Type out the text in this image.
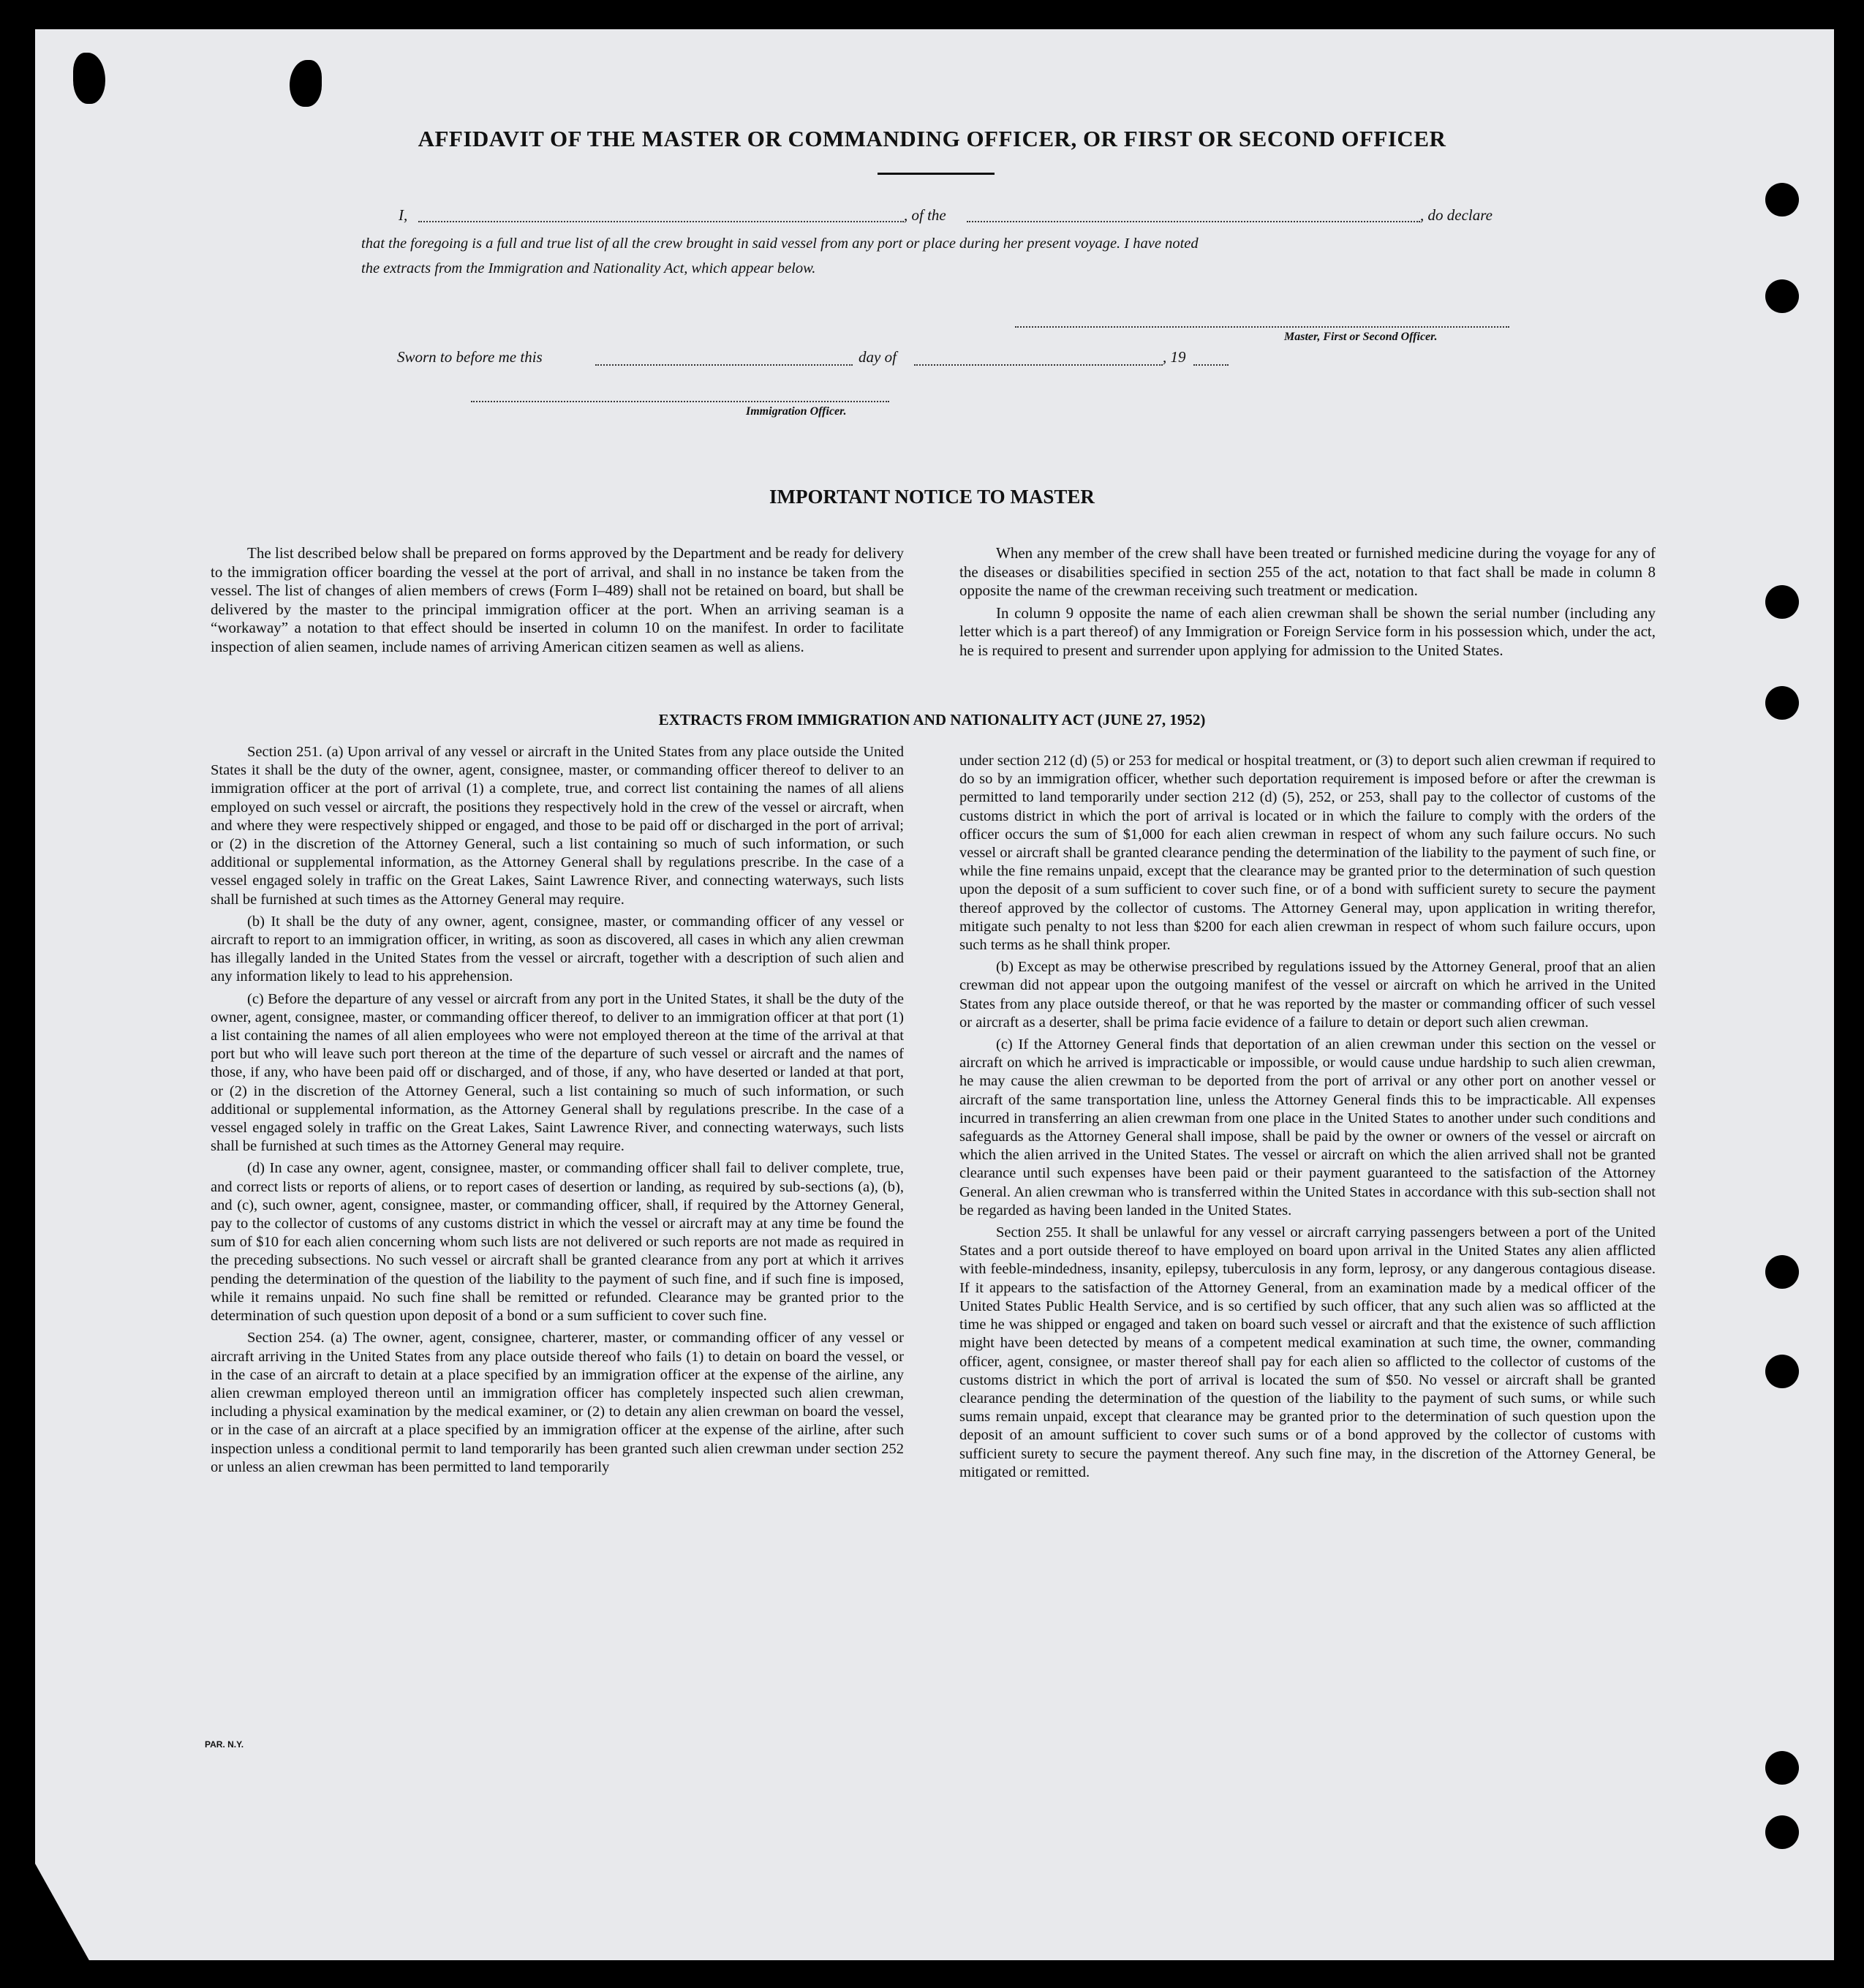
AFFIDAVIT OF THE MASTER OR COMMANDING OFFICER, OR FIRST OR SECOND OFFICER
I,	, of the	, do declare
that the foregoing is a full and true list of all the crew brought in said vessel from any port or place during her present voyage. I have noted
the extracts from the Immigration and Nationality Act, which appear below.
Master, First or Second Officer.
Sworn to before me this	day of	, 19
Immigration Officer.
IMPORTANT NOTICE TO MASTER

The list described below shall be prepared on forms approved by the Department and be ready for delivery to the immigration officer boarding the vessel at the port of arrival, and shall in no instance be taken from the vessel. The list of changes of alien members of crews (Form I–489) shall not be retained on board, but shall be delivered by the master to the principal immigration officer at the port. When an arriving seaman is a “workaway” a notation to that effect should be inserted in column 10 on the manifest. In order to facilitate inspection of alien seamen, include names of arriving American citizen seamen as well as aliens.

When any member of the crew shall have been treated or furnished medicine during the voyage for any of the diseases or disabilities specified in section 255 of the act, notation to that fact shall be made in column 8 opposite the name of the crewman receiving such treatment or medication.

In column 9 opposite the name of each alien crewman shall be shown the serial number (including any letter which is a part thereof) of any Immigration or Foreign Service form in his possession which, under the act, he is required to present and surrender upon applying for admission to the United States.

EXTRACTS FROM IMMIGRATION AND NATIONALITY ACT (JUNE 27, 1952)

Section 251. (a) Upon arrival of any vessel or aircraft in the United States from any place outside the United States it shall be the duty of the owner, agent, consignee, master, or commanding officer thereof to deliver to an immigration officer at the port of arrival (1) a complete, true, and correct list containing the names of all aliens employed on such vessel or aircraft, the positions they respectively hold in the crew of the vessel or aircraft, when and where they were respectively shipped or engaged, and those to be paid off or discharged in the port of arrival; or (2) in the discretion of the Attorney General, such a list containing so much of such information, or such additional or supplemental information, as the Attorney General shall by regulations prescribe. In the case of a vessel engaged solely in traffic on the Great Lakes, Saint Lawrence River, and connecting waterways, such lists shall be furnished at such times as the Attorney General may require.

(b) It shall be the duty of any owner, agent, consignee, master, or commanding officer of any vessel or aircraft to report to an immigration officer, in writing, as soon as discovered, all cases in which any alien crewman has illegally landed in the United States from the vessel or aircraft, together with a description of such alien and any information likely to lead to his apprehension.

(c) Before the departure of any vessel or aircraft from any port in the United States, it shall be the duty of the owner, agent, consignee, master, or commanding officer thereof, to deliver to an immigration officer at that port (1) a list containing the names of all alien employees who were not employed thereon at the time of the arrival at that port but who will leave such port thereon at the time of the departure of such vessel or aircraft and the names of those, if any, who have been paid off or discharged, and of those, if any, who have deserted or landed at that port, or (2) in the discretion of the Attorney General, such a list containing so much of such information, or such additional or supplemental information, as the Attorney General shall by regulations prescribe. In the case of a vessel engaged solely in traffic on the Great Lakes, Saint Lawrence River, and connecting waterways, such lists shall be furnished at such times as the Attorney General may require.

(d) In case any owner, agent, consignee, master, or commanding officer shall fail to deliver complete, true, and correct lists or reports of aliens, or to report cases of desertion or landing, as required by sub-sections (a), (b), and (c), such owner, agent, consignee, master, or commanding officer, shall, if required by the Attorney General, pay to the collector of customs of any customs district in which the vessel or aircraft may at any time be found the sum of $10 for each alien concerning whom such lists are not delivered or such reports are not made as required in the preceding subsections. No such vessel or aircraft shall be granted clearance from any port at which it arrives pending the determination of the question of the liability to the payment of such fine, and if such fine is imposed, while it remains unpaid. No such fine shall be remitted or refunded. Clearance may be granted prior to the determination of such question upon deposit of a bond or a sum sufficient to cover such fine.

Section 254. (a) The owner, agent, consignee, charterer, master, or commanding officer of any vessel or aircraft arriving in the United States from any place outside thereof who fails (1) to detain on board the vessel, or in the case of an aircraft to detain at a place specified by an immigration officer at the expense of the airline, any alien crewman employed thereon until an immigration officer has completely inspected such alien crewman, including a physical examination by the medical examiner, or (2) to detain any alien crewman on board the vessel, or in the case of an aircraft at a place specified by an immigration officer at the expense of the airline, after such inspection unless a conditional permit to land temporarily has been granted such alien crewman under section 252 or unless an alien crewman has been permitted to land temporarily

under section 212 (d) (5) or 253 for medical or hospital treatment, or (3) to deport such alien crewman if required to do so by an immigration officer, whether such deportation requirement is imposed before or after the crewman is permitted to land temporarily under section 212 (d) (5), 252, or 253, shall pay to the collector of customs of the customs district in which the port of arrival is located or in which the failure to comply with the orders of the officer occurs the sum of $1,000 for each alien crewman in respect of whom any such failure occurs. No such vessel or aircraft shall be granted clearance pending the determination of the liability to the payment of such fine, or while the fine remains unpaid, except that the clearance may be granted prior to the determination of such question upon the deposit of a sum sufficient to cover such fine, or of a bond with sufficient surety to secure the payment thereof approved by the collector of customs. The Attorney General may, upon application in writing therefor, mitigate such penalty to not less than $200 for each alien crewman in respect of whom such failure occurs, upon such terms as he shall think proper.

(b) Except as may be otherwise prescribed by regulations issued by the Attorney General, proof that an alien crewman did not appear upon the outgoing manifest of the vessel or aircraft on which he arrived in the United States from any place outside thereof, or that he was reported by the master or commanding officer of such vessel or aircraft as a deserter, shall be prima facie evidence of a failure to detain or deport such alien crewman.

(c) If the Attorney General finds that deportation of an alien crewman under this section on the vessel or aircraft on which he arrived is impracticable or impossible, or would cause undue hardship to such alien crewman, he may cause the alien crewman to be deported from the port of arrival or any other port on another vessel or aircraft of the same transportation line, unless the Attorney General finds this to be impracticable. All expenses incurred in transferring an alien crewman from one place in the United States to another under such conditions and safeguards as the Attorney General shall impose, shall be paid by the owner or owners of the vessel or aircraft on which the alien arrived in the United States. The vessel or aircraft on which the alien arrived shall not be granted clearance until such expenses have been paid or their payment guaranteed to the satisfaction of the Attorney General. An alien crewman who is transferred within the United States in accordance with this sub-section shall not be regarded as having been landed in the United States.

Section 255. It shall be unlawful for any vessel or aircraft carrying passengers between a port of the United States and a port outside thereof to have employed on board upon arrival in the United States any alien afflicted with feeble-mindedness, insanity, epilepsy, tuberculosis in any form, leprosy, or any dangerous contagious disease. If it appears to the satisfaction of the Attorney General, from an examination made by a medical officer of the United States Public Health Service, and is so certified by such officer, that any such alien was so afflicted at the time he was shipped or engaged and taken on board such vessel or aircraft and that the existence of such affliction might have been detected by means of a competent medical examination at such time, the owner, commanding officer, agent, consignee, or master thereof shall pay for each alien so afflicted to the collector of customs of the customs district in which the port of arrival is located the sum of $50. No vessel or aircraft shall be granted clearance pending the determination of the question of the liability to the payment of such sums, or while such sums remain unpaid, except that clearance may be granted prior to the determination of such question upon the deposit of an amount sufficient to cover such sums or of a bond approved by the collector of customs with sufficient surety to secure the payment thereof. Any such fine may, in the discretion of the Attorney General, be mitigated or remitted.

PAR. N.Y.
